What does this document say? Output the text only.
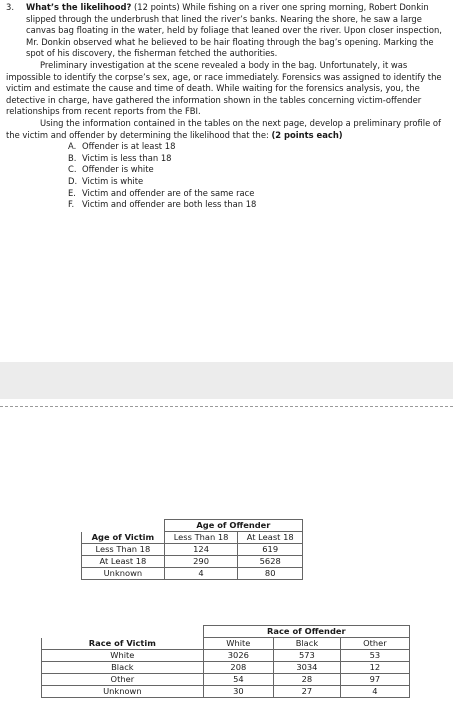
3. What’s the likelihood? (12 points) While fishing on a river one spring morning, Robert Donkin slipped through the underbrush that lined the river’s banks. Nearing the shore, he saw a large canvas bag floating in the water, held by foliage that leaned over the river. Upon closer inspection, Mr. Donkin observed what he believed to be hair floating through the bag’s opening. Marking the spot of his discovery, the fisherman fetched the authorities.

Preliminary investigation at the scene revealed a body in the bag. Unfortunately, it was impossible to identify the corpse’s sex, age, or race immediately. Forensics was assigned to identify the victim and estimate the cause and time of death. While waiting for the forensics analysis, you, the detective in charge, have gathered the information shown in the tables concerning victim-offender relationships from recent reports from the FBI.

Using the information contained in the tables on the next page, develop a preliminary profile of the victim and offender by determining the likelihood that the: (2 points each)

A. Offender is at least 18
B. Victim is less than 18
C. Offender is white
D. Victim is white
E. Victim and offender are of the same race
F. Victim and offender are both less than 18
	Age of Offender	
Age of Victim	Less Than 18	At Least 18
Less Than 18	124	619
At Least 18	290	5628
Unknown	4	80
	Race of Offender		
Race of Victim	White	Black	Other
White	3026	573	53
Black	208	3034	12
Other	54	28	97
Unknown	30	27	4
